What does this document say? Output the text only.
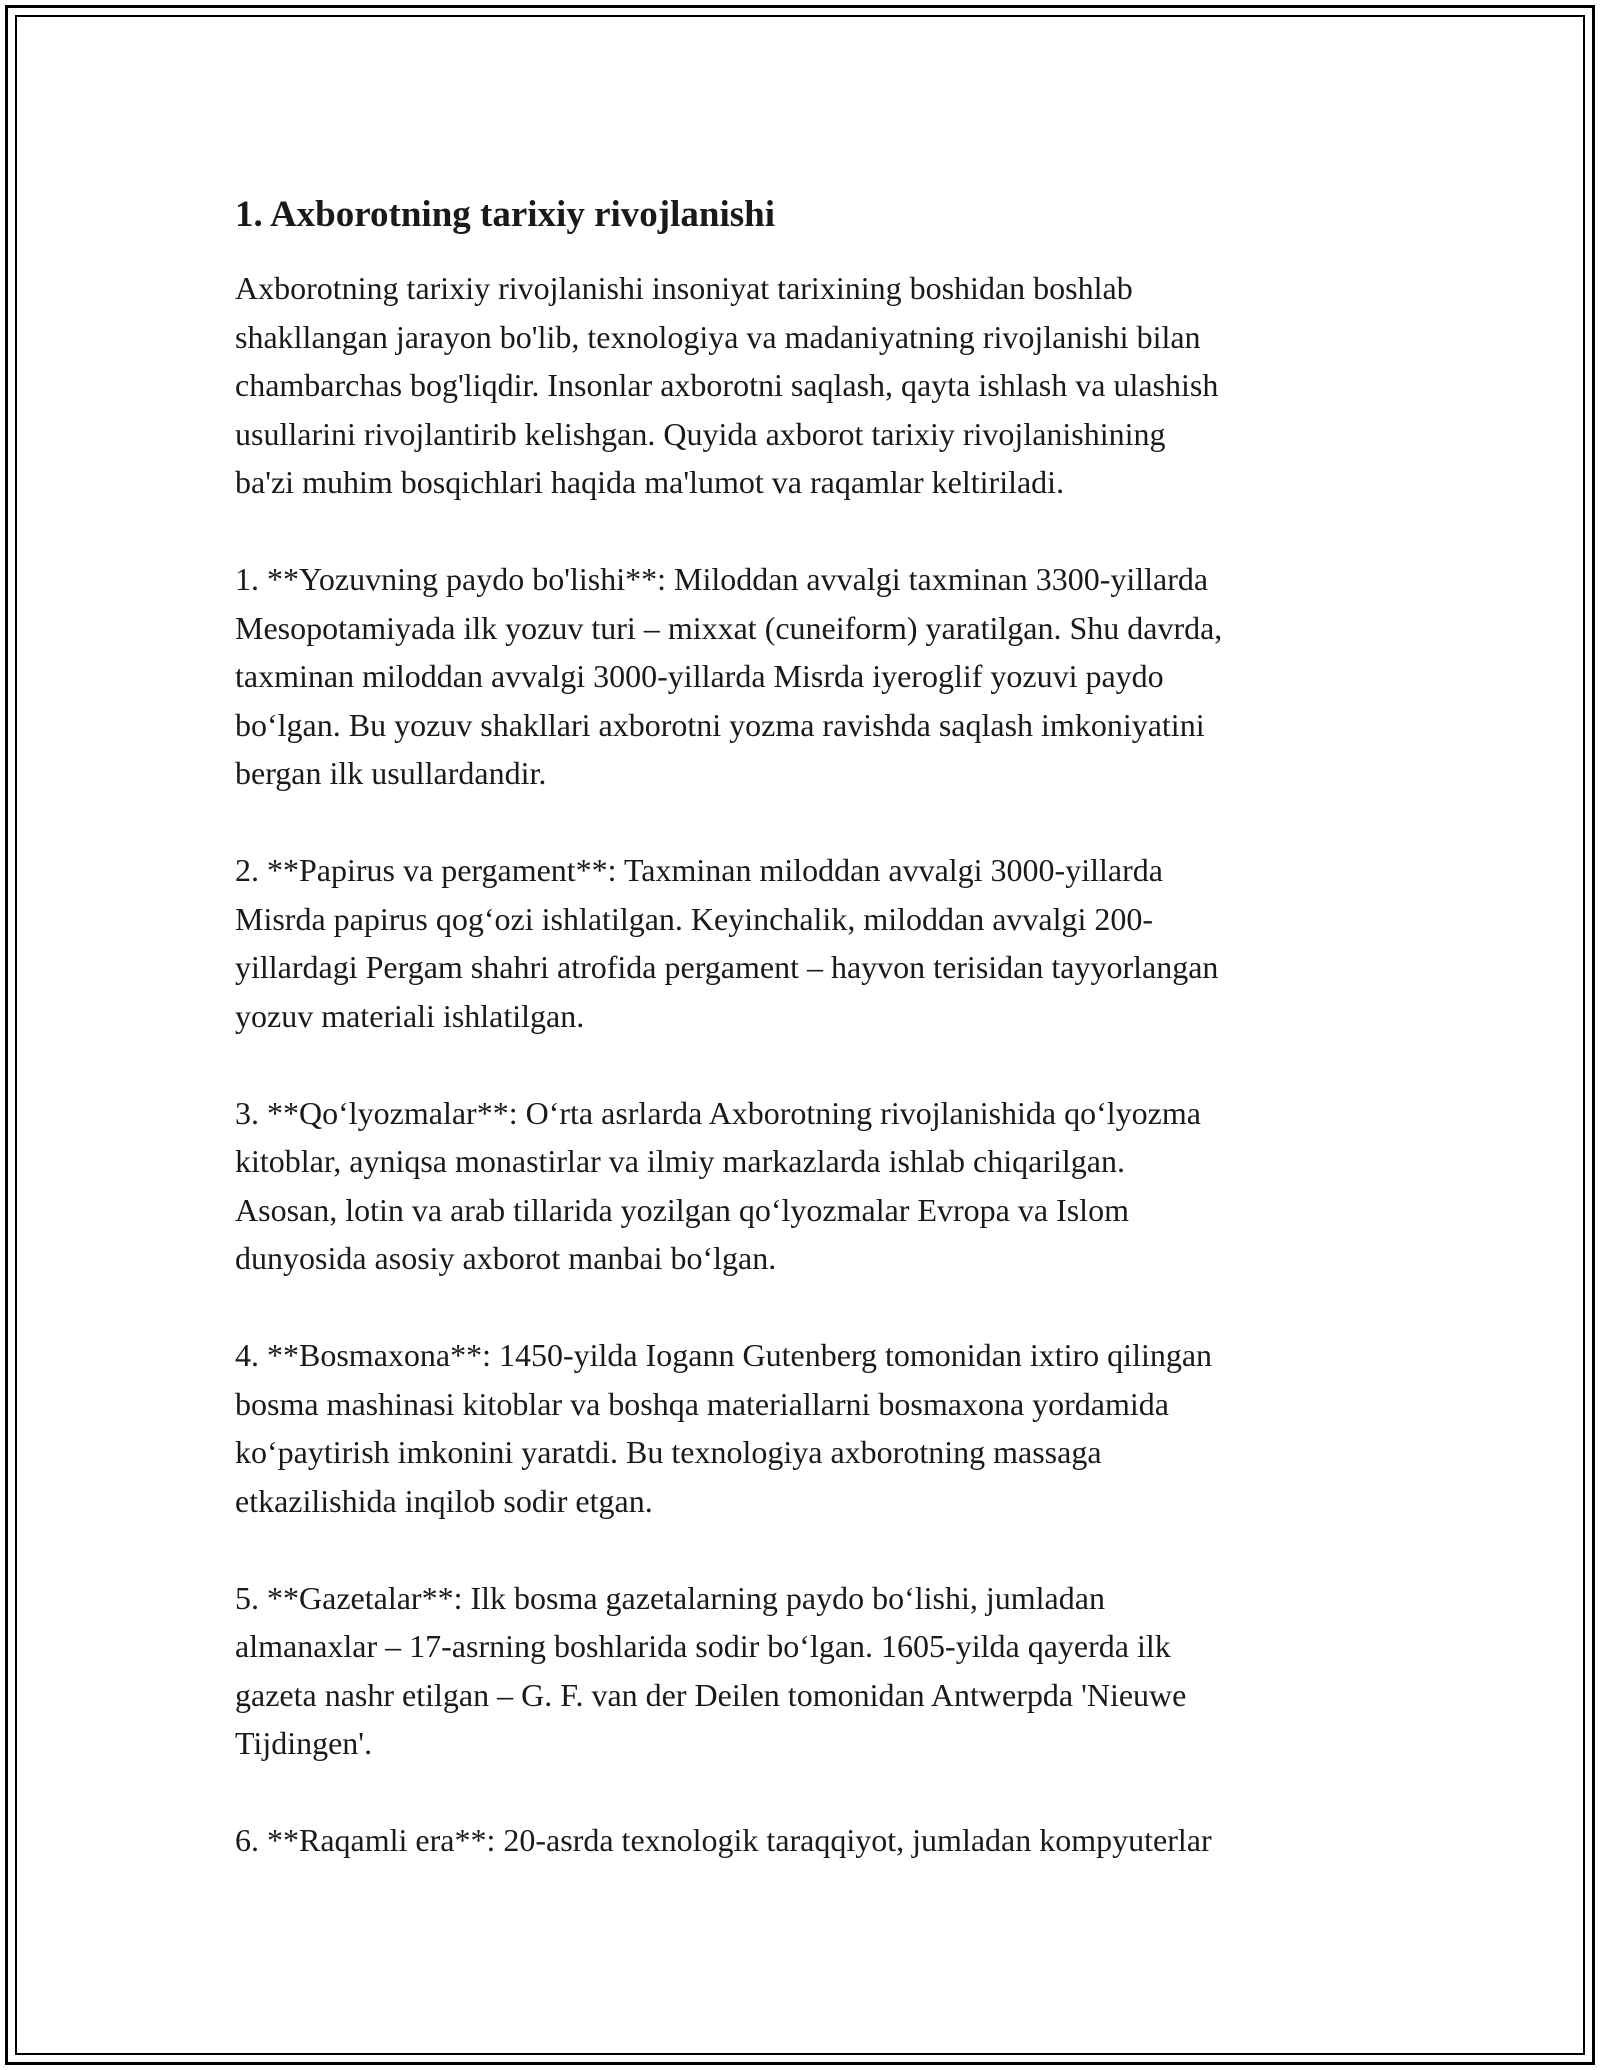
1. Axborotning tarixiy rivojlanishi
Axborotning tarixiy rivojlanishi insoniyat tarixining boshidan boshlab
shakllangan jarayon bo'lib, texnologiya va madaniyatning rivojlanishi bilan
chambarchas bog'liqdir. Insonlar axborotni saqlash, qayta ishlash va ulashish
usullarini rivojlantirib kelishgan. Quyida axborot tarixiy rivojlanishining
ba'zi muhim bosqichlari haqida ma'lumot va raqamlar keltiriladi.
1. **Yozuvning paydo bo'lishi**: Miloddan avvalgi taxminan 3300-yillarda
Mesopotamiyada ilk yozuv turi – mixxat (cuneiform) yaratilgan. Shu davrda,
taxminan miloddan avvalgi 3000-yillarda Misrda iyeroglif yozuvi paydo
bo‘lgan. Bu yozuv shakllari axborotni yozma ravishda saqlash imkoniyatini
bergan ilk usullardandir.
2. **Papirus va pergament**: Taxminan miloddan avvalgi 3000-yillarda
Misrda papirus qog‘ozi ishlatilgan. Keyinchalik, miloddan avvalgi 200-
yillardagi Pergam shahri atrofida pergament – hayvon terisidan tayyorlangan
yozuv materiali ishlatilgan.
3. **Qo‘lyozmalar**: O‘rta asrlarda Axborotning rivojlanishida qo‘lyozma
kitoblar, ayniqsa monastirlar va ilmiy markazlarda ishlab chiqarilgan.
Asosan, lotin va arab tillarida yozilgan qo‘lyozmalar Evropa va Islom
dunyosida asosiy axborot manbai bo‘lgan.
4. **Bosmaxona**: 1450-yilda Iogann Gutenberg tomonidan ixtiro qilingan
bosma mashinasi kitoblar va boshqa materiallarni bosmaxona yordamida
ko‘paytirish imkonini yaratdi. Bu texnologiya axborotning massaga
etkazilishida inqilob sodir etgan.
5. **Gazetalar**: Ilk bosma gazetalarning paydo bo‘lishi, jumladan
almanaxlar – 17-asrning boshlarida sodir bo‘lgan. 1605-yilda qayerda ilk
gazeta nashr etilgan – G. F. van der Deilen tomonidan Antwerpda 'Nieuwe
Tijdingen'.
6. **Raqamli era**: 20-asrda texnologik taraqqiyot, jumladan kompyuterlar
